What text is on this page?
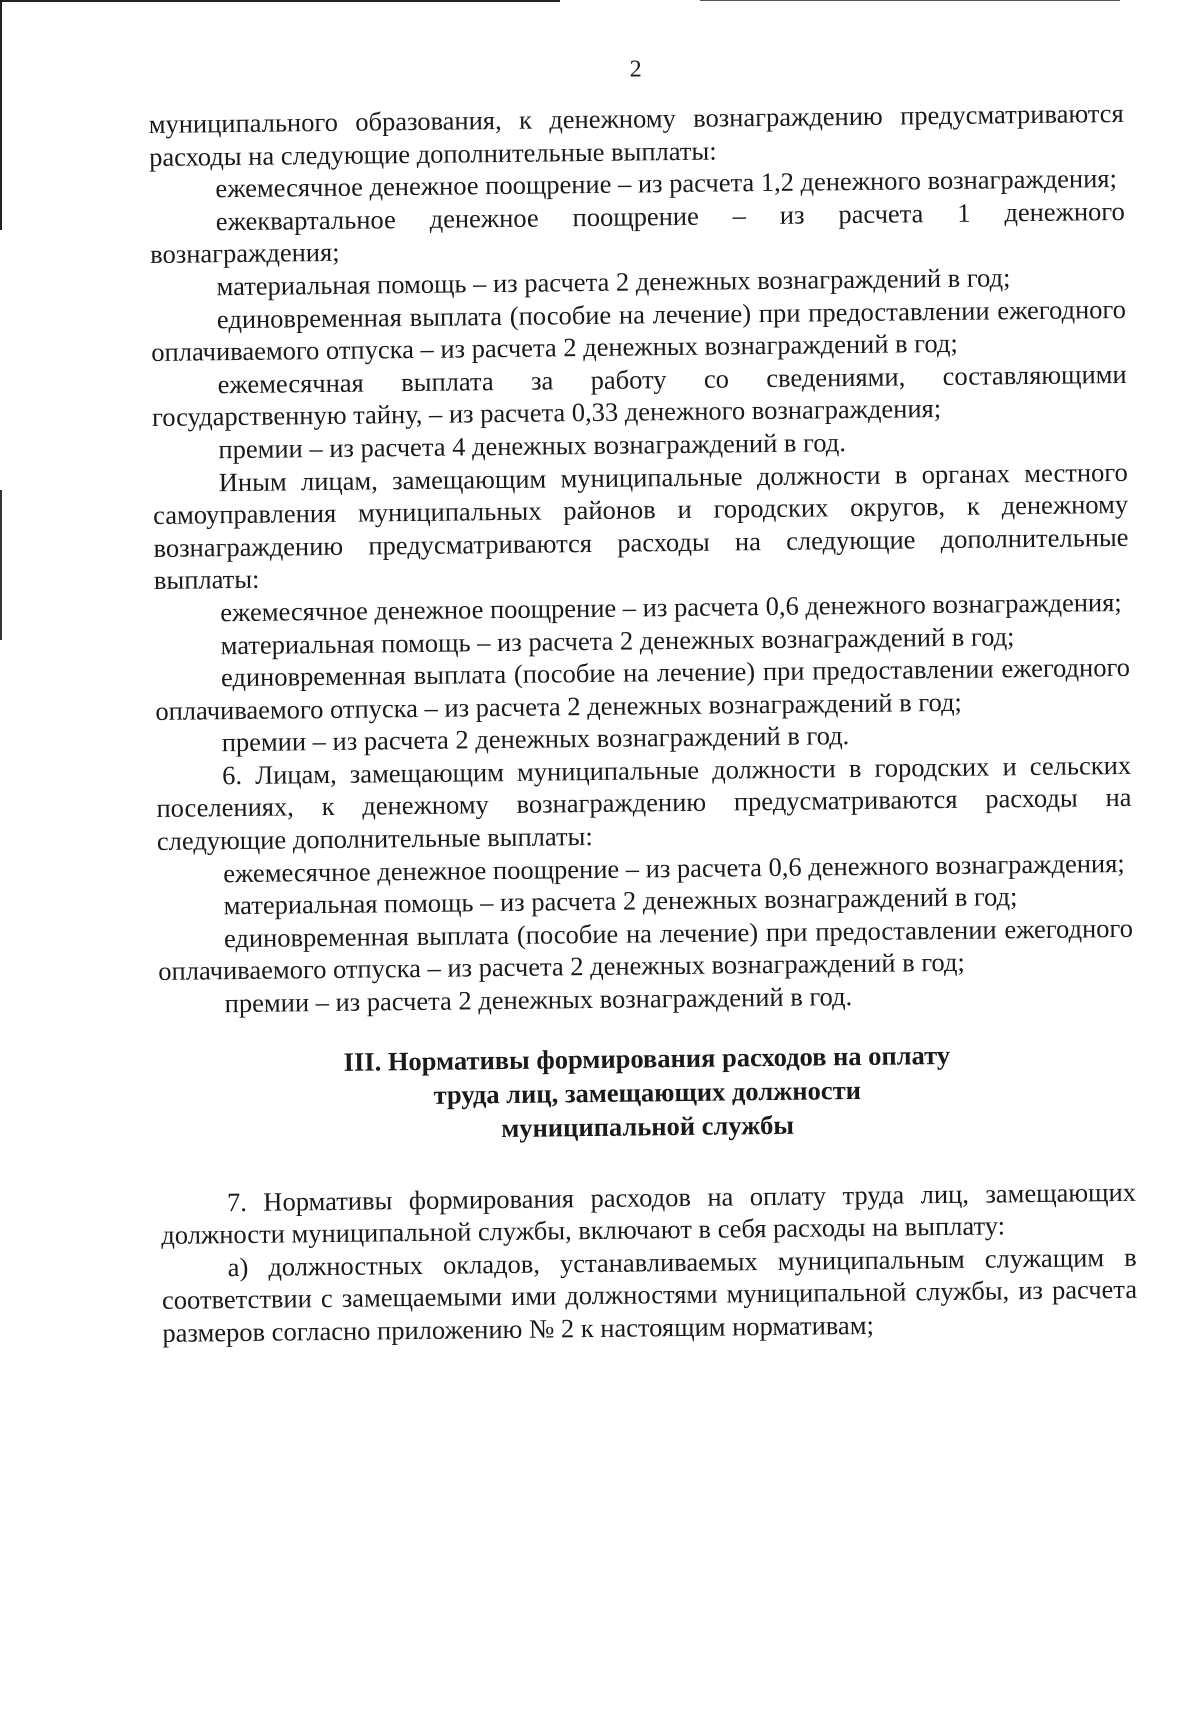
2

муниципального образования, к денежному вознаграждению предусматриваются расходы на следующие дополнительные выплаты:

ежемесячное денежное поощрение – из расчета 1,2 денежного вознаграждения;

ежеквартальное денежное поощрение – из расчета 1 денежного вознаграждения;

материальная помощь – из расчета 2 денежных вознаграждений в год;

единовременная выплата (пособие на лечение) при предоставлении ежегодного оплачиваемого отпуска – из расчета 2 денежных вознаграждений в год;

ежемесячная выплата за работу со сведениями, составляющими государственную тайну, – из расчета 0,33 денежного вознаграждения;

премии – из расчета 4 денежных вознаграждений в год.

Иным лицам, замещающим муниципальные должности в органах местного самоуправления муниципальных районов и городских округов, к денежному вознаграждению предусматриваются расходы на следующие дополнительные выплаты:

ежемесячное денежное поощрение – из расчета 0,6 денежного вознаграждения;

материальная помощь – из расчета 2 денежных вознаграждений в год;

единовременная выплата (пособие на лечение) при предоставлении ежегодного оплачиваемого отпуска – из расчета 2 денежных вознаграждений в год;

премии – из расчета 2 денежных вознаграждений в год.

6. Лицам, замещающим муниципальные должности в городских и сельских поселениях, к денежному вознаграждению предусматриваются расходы на следующие дополнительные выплаты:

ежемесячное денежное поощрение – из расчета 0,6 денежного вознаграждения;

материальная помощь – из расчета 2 денежных вознаграждений в год;

единовременная выплата (пособие на лечение) при предоставлении ежегодного оплачиваемого отпуска – из расчета 2 денежных вознаграждений в год;

премии – из расчета 2 денежных вознаграждений в год.

III. Нормативы формирования расходов на оплату
труда лиц, замещающих должности
муниципальной службы

7. Нормативы формирования расходов на оплату труда лиц, замещающих должности муниципальной службы, включают в себя расходы на выплату:

а) должностных окладов, устанавливаемых муниципальным служащим в соответствии с замещаемыми ими должностями муниципальной службы, из расчета размеров согласно приложению № 2 к настоящим нормативам;
